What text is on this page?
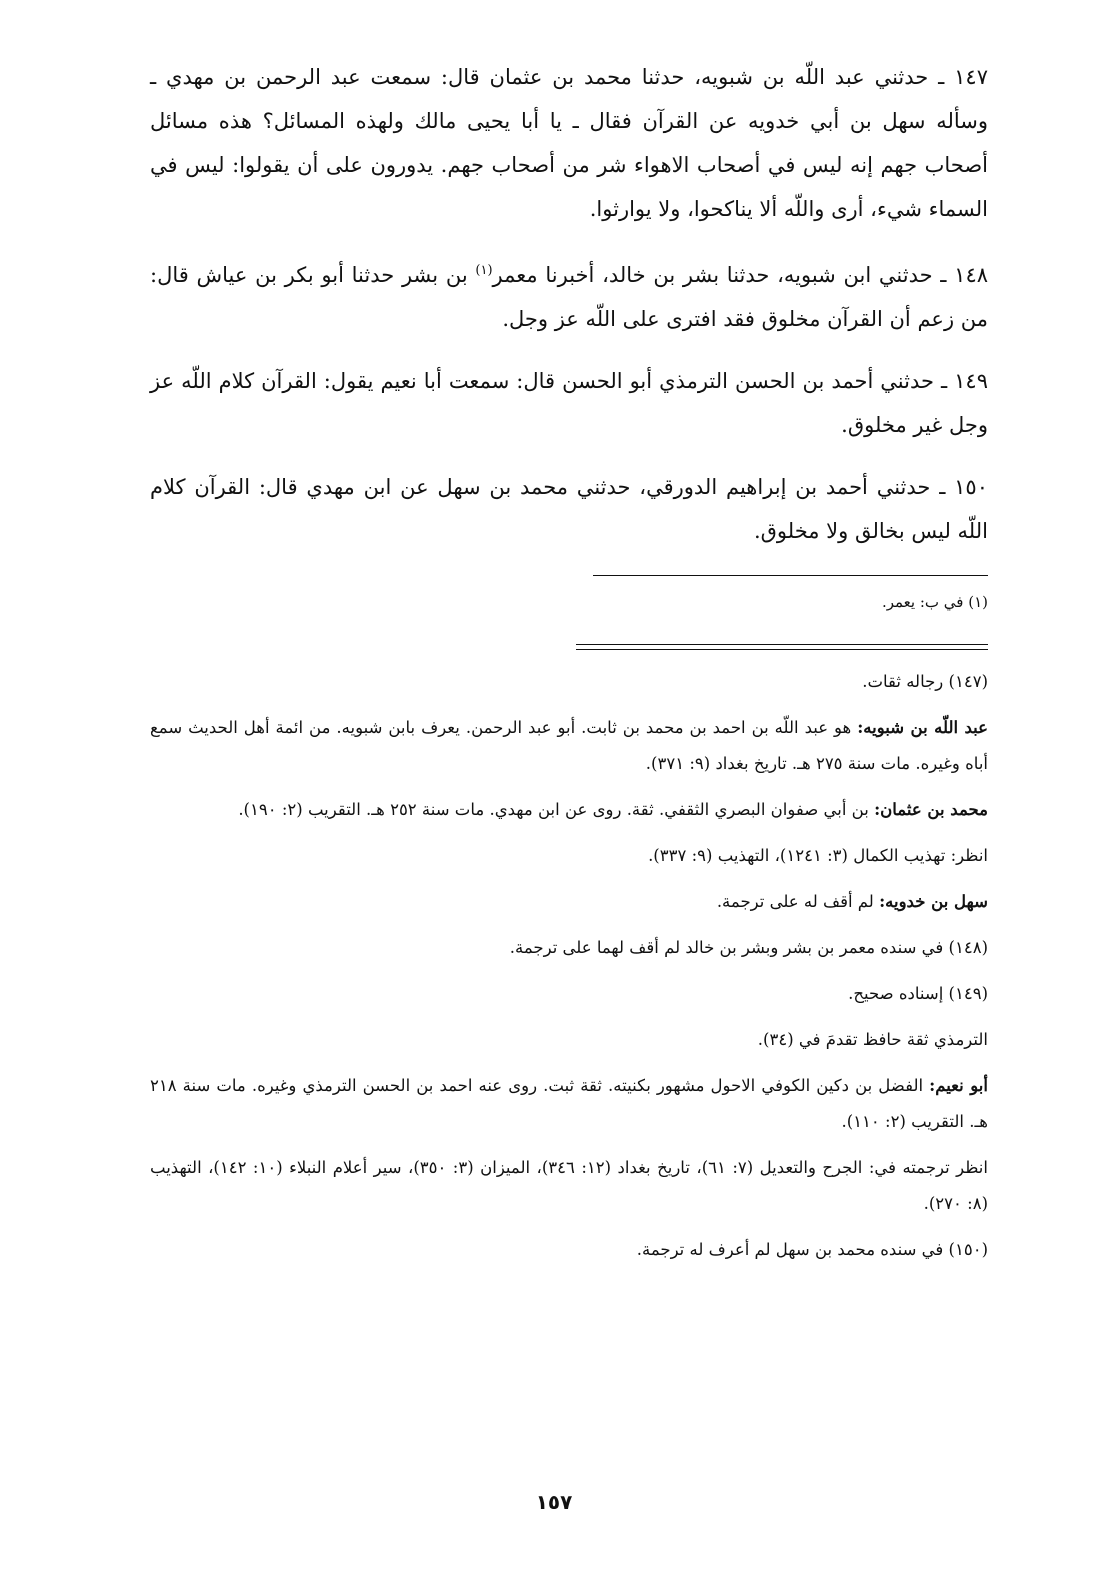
١٤٧ ـ حدثني عبد اللّه بن شبويه، حدثنا محمد بن عثمان قال: سمعت عبد الرحمن بن مهدي ـ وسأله سهل بن أبي خدويه عن القرآن فقال ـ يا أبا يحيى مالك ولهذه المسائل؟ هذه مسائل أصحاب جهم إنه ليس في أصحاب الاهواء شر من أصحاب جهم. يدورون على أن يقولوا: ليس في السماء شيء، أرى واللّه ألا يناكحوا، ولا يوارثوا.

١٤٨ ـ حدثني ابن شبويه، حدثنا بشر بن خالد، أخبرنا معمر$^{(١)}$ بن بشر حدثنا أبو بكر بن عياش قال: من زعم أن القرآن مخلوق فقد افترى على اللّه عز وجل.

١٤٩ ـ حدثني أحمد بن الحسن الترمذي أبو الحسن قال: سمعت أبا نعيم يقول: القرآن كلام اللّه عز وجل غير مخلوق.

١٥٠ ـ حدثني أحمد بن إبراهيم الدورقي، حدثني محمد بن سهل عن ابن مهدي قال: القرآن كلام اللّه ليس بخالق ولا مخلوق.

(١) في ب: يعمر.

(١٤٧) رجاله ثقات.

عبد اللّه بن شبويه: هو عبد اللّه بن احمد بن محمد بن ثابت. أبو عبد الرحمن. يعرف بابن شبويه. من ائمة أهل الحديث سمع أباه وغيره. مات سنة ٢٧٥ هـ. تاريخ بغداد (٩: ٣٧١).

محمد بن عثمان: بن أبي صفوان البصري الثقفي. ثقة. روى عن ابن مهدي. مات سنة ٢٥٢ هـ. التقريب (٢: ١٩٠).

انظر: تهذيب الكمال (٣: ١٢٤١)، التهذيب (٩: ٣٣٧).

سهل بن خدويه: لم أقف له على ترجمة.

(١٤٨) في سنده معمر بن بشر وبشر بن خالد لم أقف لهما على ترجمة.

(١٤٩) إسناده صحيح.

الترمذي ثقة حافظ تقدمَ في (٣٤).

أبو نعيم: الفضل بن دكين الكوفي الاحول مشهور بكنيته. ثقة ثبت. روى عنه احمد بن الحسن الترمذي وغيره. مات سنة ٢١٨ هـ. التقريب (٢: ١١٠).

انظر ترجمته في: الجرح والتعديل (٧: ٦١)، تاريخ بغداد (١٢: ٣٤٦)، الميزان (٣: ٣٥٠)، سير أعلام النبلاء (١٠: ١٤٢)، التهذيب (٨: ٢٧٠).

(١٥٠) في سنده محمد بن سهل لم أعرف له ترجمة.

١٥٧
